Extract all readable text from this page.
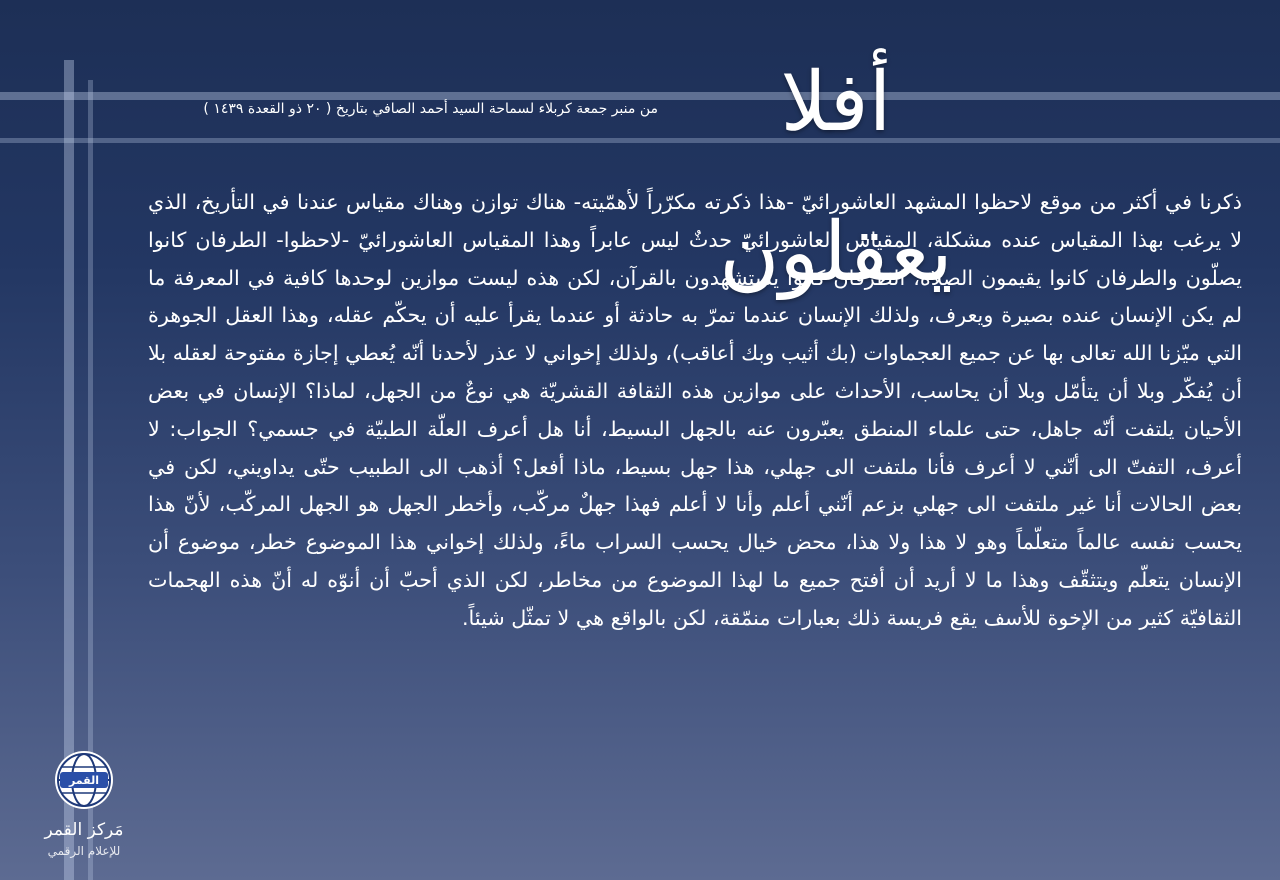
أفلا يعقلون
من منبر جمعة كربلاء لسماحة السيد أحمد الصافي بتاريخ ( ٢٠ ذو القعدة ١٤٣٩ )
ذكرنا في أكثر من موقع لاحظوا المشهد العاشورائيّ -هذا ذكرته مكرّراً لأهمّيته- هناك توازن وهناك مقياس عندنا في التأريخ، الذي لا يرغب بهذا المقياس عنده مشكلة، المقياس العاشورائيّ حدثٌ ليس عابراً وهذا المقياس العاشورائيّ -لاحظوا- الطرفان كانوا يصلّون والطرفان كانوا يقيمون الصلاة، الطرفان كانوا يستشهدون بالقرآن، لكن هذه ليست موازين لوحدها كافية في المعرفة ما لم يكن الإنسان عنده بصيرة ويعرف، ولذلك الإنسان عندما تمرّ به حادثة أو عندما يقرأ عليه أن يحكّم عقله، وهذا العقل الجوهرة التي ميّزنا الله تعالى بها عن جميع العجماوات (بك أثيب وبك أعاقب)، ولذلك إخواني لا عذر لأحدنا أنّه يُعطي إجازة مفتوحة لعقله بلا أن يُفكّر وبلا أن يتأمّل وبلا أن يحاسب، الأحداث على موازين هذه الثقافة القشريّة هي نوعٌ من الجهل، لماذا؟ الإنسان في بعض الأحيان يلتفت أنّه جاهل، حتى علماء المنطق يعبّرون عنه بالجهل البسيط، أنا هل أعرف العلّة الطبيّة في جسمي؟ الجواب: لا أعرف، التفتّ الى أنّني لا أعرف فأنا ملتفت الى جهلي، هذا جهل بسيط، ماذا أفعل؟ أذهب الى الطبيب حتّى يداويني، لكن في بعض الحالات أنا غير ملتفت الى جهلي بزعم أنّني أعلم وأنا لا أعلم فهذا جهلٌ مركّب، وأخطر الجهل هو الجهل المركّب، لأنّ هذا يحسب نفسه عالماً متعلّماً وهو لا هذا ولا هذا، محض خيال يحسب السراب ماءً، ولذلك إخواني هذا الموضوع خطر، موضوع أن الإنسان يتعلّم ويتثقّف وهذا ما لا أريد أن أفتح جميع ما لهذا الموضوع من مخاطر، لكن الذي أحبّ أن أنوّه له أنّ هذه الهجمات الثقافيّة كثير من الإخوة للأسف يقع فريسة ذلك بعبارات منمّقة، لكن بالواقع هي لا تمثّل شيئاً.
القمر
مَركز القمر
للإعلام الرقمي
